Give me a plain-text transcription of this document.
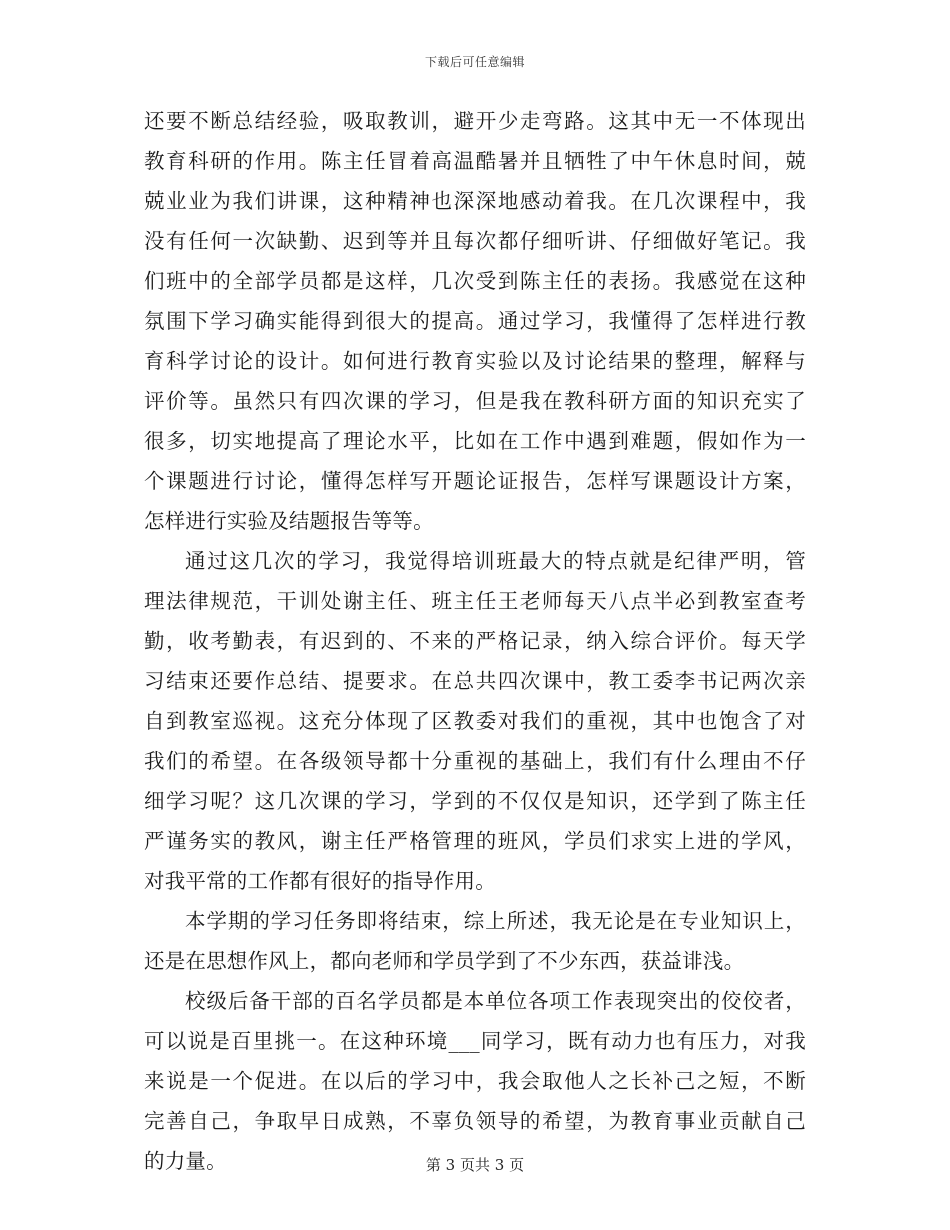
下载后可任意编辑
还要不断总结经验，吸取教训，避开少走弯路。这其中无一不体现出
教育科研的作用。陈主任冒着高温酷暑并且牺牲了中午休息时间，兢
兢业业为我们讲课，这种精神也深深地感动着我。在几次课程中，我
没有任何一次缺勤、迟到等并且每次都仔细听讲、仔细做好笔记。我
们班中的全部学员都是这样，几次受到陈主任的表扬。我感觉在这种
氛围下学习确实能得到很大的提高。通过学习，我懂得了怎样进行教
育科学讨论的设计。如何进行教育实验以及讨论结果的整理，解释与
评价等。虽然只有四次课的学习，但是我在教科研方面的知识充实了
很多，切实地提高了理论水平，比如在工作中遇到难题，假如作为一
个课题进行讨论，懂得怎样写开题论证报告，怎样写课题设计方案，
怎样进行实验及结题报告等等。
通过这几次的学习，我觉得培训班最大的特点就是纪律严明，管
理法律规范，干训处谢主任、班主任王老师每天八点半必到教室查考
勤，收考勤表，有迟到的、不来的严格记录，纳入综合评价。每天学
习结束还要作总结、提要求。在总共四次课中，教工委李书记两次亲
自到教室巡视。这充分体现了区教委对我们的重视，其中也饱含了对
我们的希望。在各级领导都十分重视的基础上，我们有什么理由不仔
细学习呢？这几次课的学习，学到的不仅仅是知识，还学到了陈主任
严谨务实的教风，谢主任严格管理的班风，学员们求实上进的学风，
对我平常的工作都有很好的指导作用。
本学期的学习任务即将结束，综上所述，我无论是在专业知识上，
还是在思想作风上，都向老师和学员学到了不少东西，获益诽浅。
校级后备干部的百名学员都是本单位各项工作表现突出的佼佼者，
可以说是百里挑一。在这种环境___同学习，既有动力也有压力，对我
来说是一个促进。在以后的学习中，我会取他人之长补己之短，不断
完善自己，争取早日成熟，不辜负领导的希望，为教育事业贡献自己
的力量。	第 3 页共 3 页
